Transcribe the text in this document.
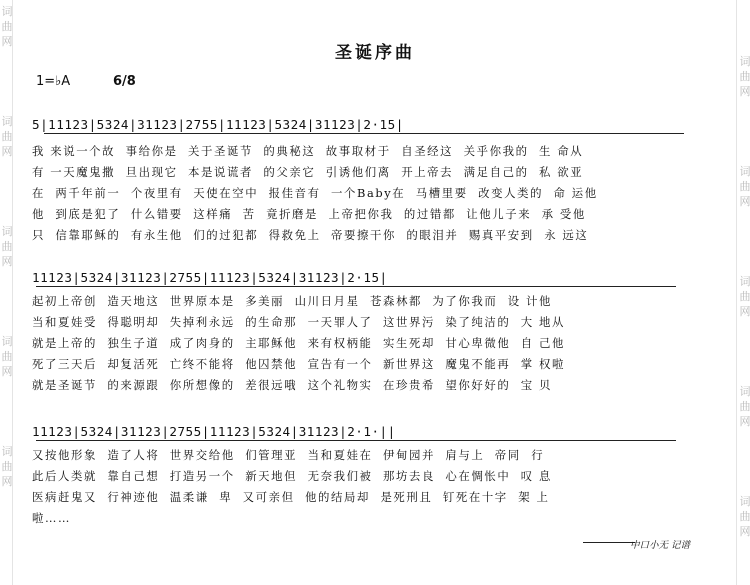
词
曲
网
词
曲
网
词
曲
网
词
曲
网
词
曲
网
词
曲
网
词
曲
网
词
曲
网
词
曲
网
词
曲
网
圣诞序曲
1=♭A	6/8
5|11123|5324|31123|2755|11123|5324|31123|2·15|
我 来说一个故  事给你是  关于圣诞节  的典秘这  故事取材于  自圣经这  关乎你我的  生 命从
有 一天魔鬼撒  旦出现它  本是说谎者  的父亲它  引诱他们离  开上帝去  满足自己的  私 欲亚
在  两千年前一  个夜里有  天使在空中  报佳音有  一个Baby在  马槽里要  改变人类的  命 运他
他  到底是犯了  什么错要  这样痛  苦  竟折磨是  上帝把你我  的过错都  让他儿子来  承 受他
只  信靠耶稣的  有永生他  们的过犯都  得救免上  帝要擦干你  的眼泪并  赐真平安到  永 远这
11123|5324|31123|2755|11123|5324|31123|2·15|
起初上帝创  造天地这  世界原本是  多美丽  山川日月星  苍森林都  为了你我而  设 计他
当和夏娃受  得聪明却  失掉利永远  的生命那  一天罪人了  这世界污  染了纯洁的  大 地从
就是上帝的  独生子道  成了肉身的  主耶稣他  来有权柄能  实生死却  甘心卑微他  自 己他
死了三天后  却复活死  亡终不能将  他囚禁他  宣告有一个  新世界这  魔鬼不能再  掌 权啦
就是圣诞节  的来源跟  你所想像的  差很远哦  这个礼物实  在珍贵希  望你好好的  宝 贝
11123|5324|31123|2755|11123|5324|31123|2·1·||
又按他形象  造了人将  世界交给他  们管理亚  当和夏娃在  伊甸园并  肩与上  帝同  行
此后人类就  靠自己想  打造另一个  新天地但  无奈我们被  那坊去良  心在惆怅中  叹 息
医病赶鬼又  行神迹他  温柔谦  卑  又可亲但  他的结局却  是死刑且  钉死在十字  架 上
啦……
中口小无 记谱
